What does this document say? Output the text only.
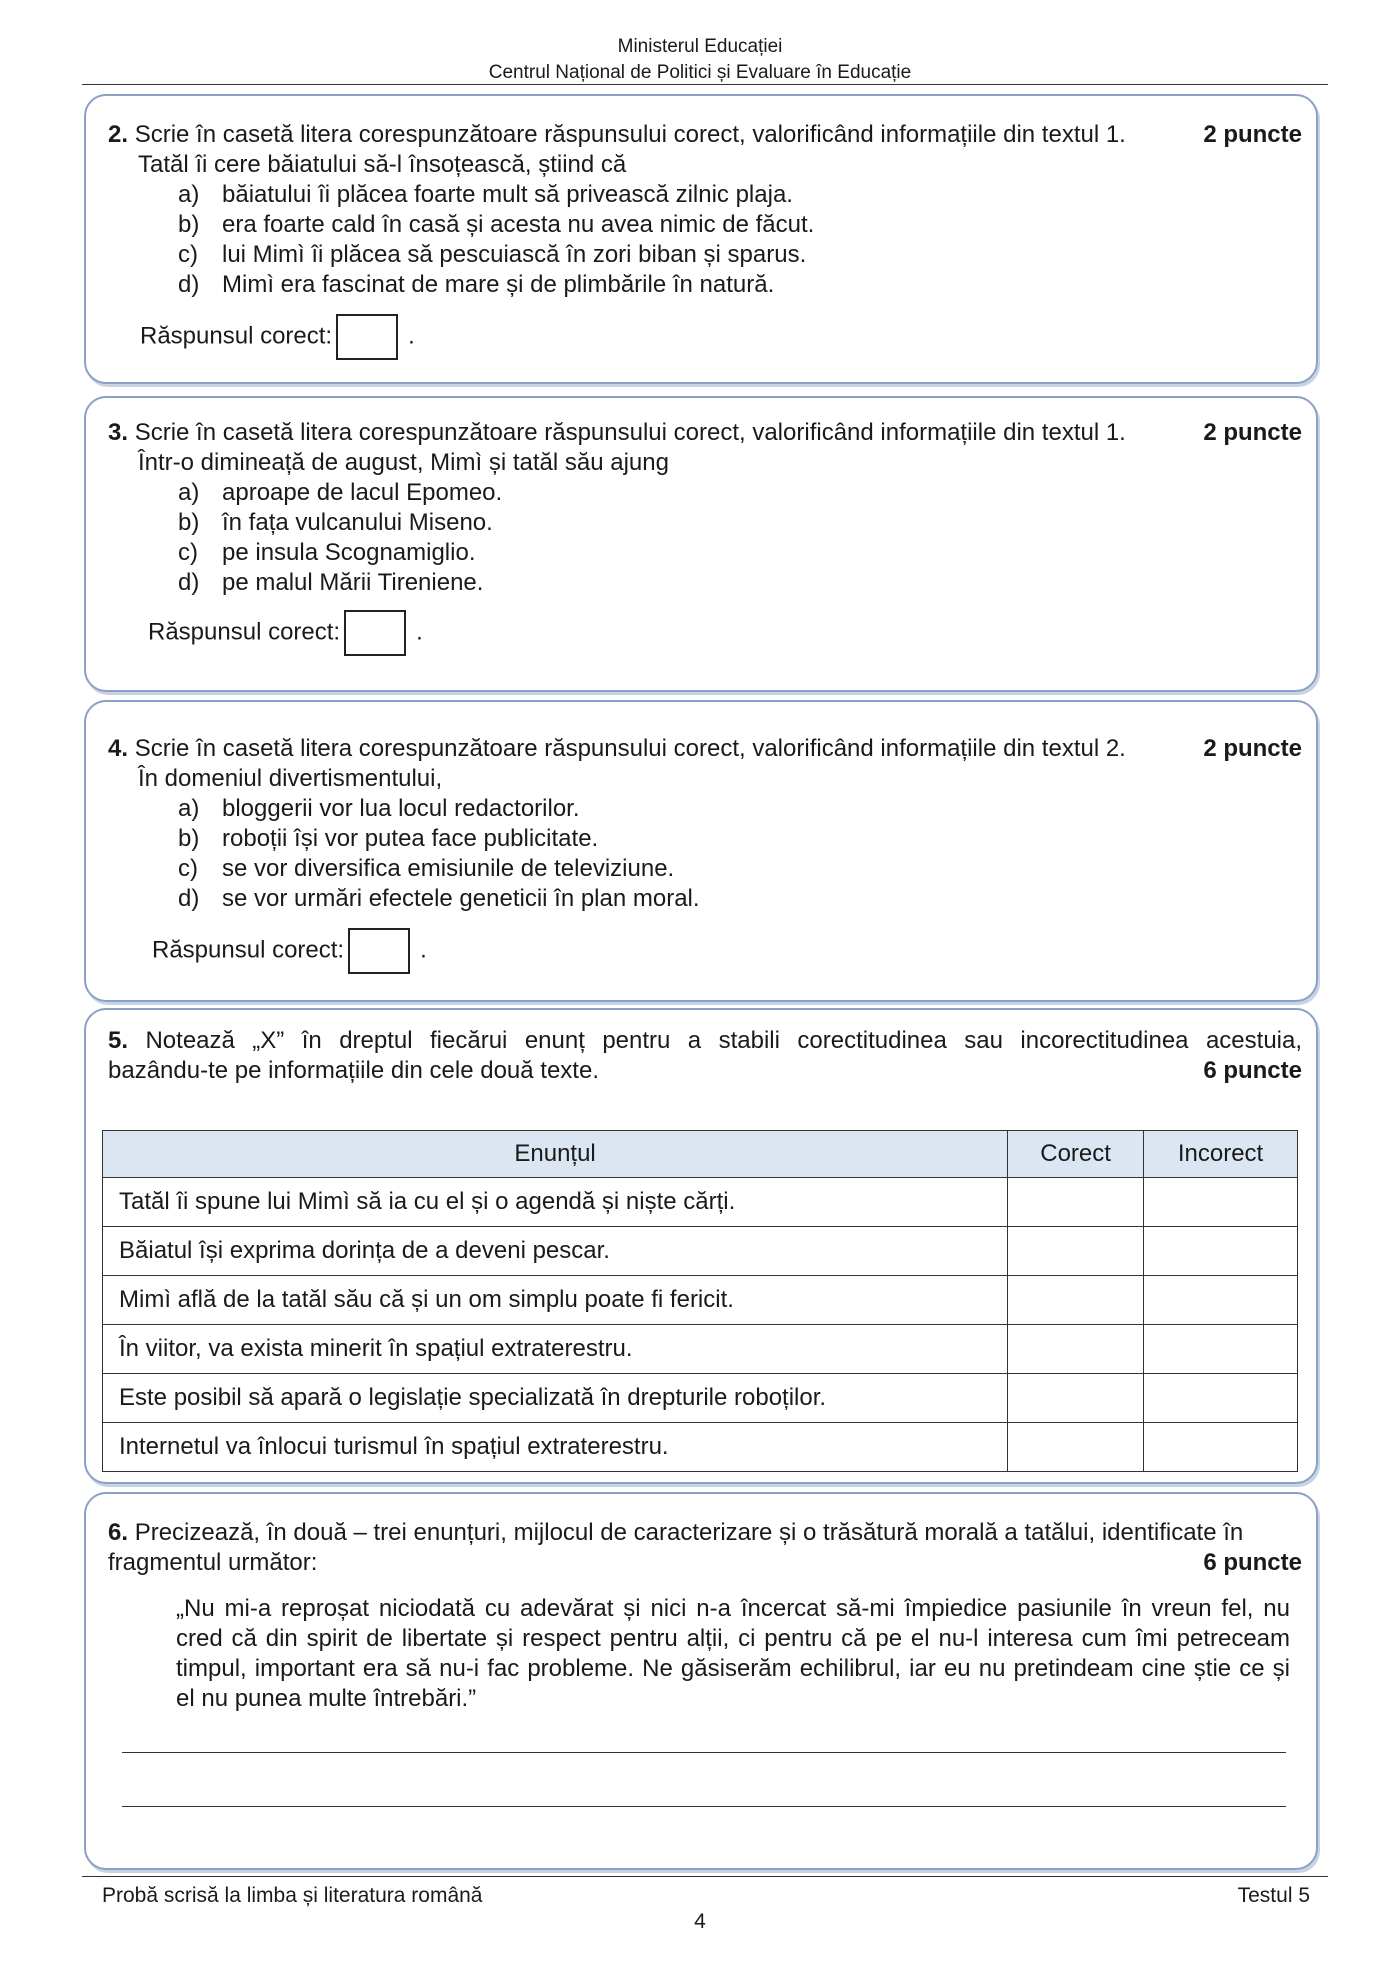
Ministerul Educației
Centrul Național de Politici și Evaluare în Educație
2. Scrie în casetă litera corespunzătoare răspunsului corect, valorificând informațiile din textul 1.	2 puncte
Tatăl îi cere băiatului să-l însoțească, știind că
a) băiatului îi plăcea foarte mult să privească zilnic plaja.
b) era foarte cald în casă și acesta nu avea nimic de făcut.
c) lui Mimì îi plăcea să pescuiască în zori biban și sparus.
d) Mimì era fascinat de mare și de plimbările în natură.
Răspunsul corect:	.
3. Scrie în casetă litera corespunzătoare răspunsului corect, valorificând informațiile din textul 1.	2 puncte
Într-o dimineață de august, Mimì și tatăl său ajung
a) aproape de lacul Epomeo.
b) în fața vulcanului Miseno.
c) pe insula Scognamiglio.
d) pe malul Mării Tireniene.
Răspunsul corect:	.
4. Scrie în casetă litera corespunzătoare răspunsului corect, valorificând informațiile din textul 2.	2 puncte
În domeniul divertismentului,
a) bloggerii vor lua locul redactorilor.
b) roboții își vor putea face publicitate.
c) se vor diversifica emisiunile de televiziune.
d) se vor urmări efectele geneticii în plan moral.
Răspunsul corect:	.
5. Notează „X” în dreptul fiecărui enunț pentru a stabili corectitudinea sau incorectitudinea acestuia,
bazându-te pe informațiile din cele două texte.	6 puncte
Enunțul	Corect	Incorect
Tatăl îi spune lui Mimì să ia cu el și o agendă și niște cărți.		
Băiatul își exprima dorința de a deveni pescar.		
Mimì află de la tatăl său că și un om simplu poate fi fericit.		
În viitor, va exista minerit în spațiul extraterestru.		
Este posibil să apară o legislație specializată în drepturile roboților.		
Internetul va înlocui turismul în spațiul extraterestru.		
6. Precizează, în două – trei enunțuri, mijlocul de caracterizare și o trăsătură morală a tatălui, identificate în
fragmentul următor:	6 puncte
„Nu mi-a reproșat niciodată cu adevărat și nici n-a încercat să-mi împiedice pasiunile în vreun fel, nu cred că din spirit de libertate și respect pentru alții, ci pentru că pe el nu-l interesa cum îmi petreceam timpul, important era să nu-i fac probleme. Ne găsiserăm echilibrul, iar eu nu pretindeam cine știe ce și el nu punea multe întrebări.”
Probă scrisă la limba și literatura română	Testul 5
4
